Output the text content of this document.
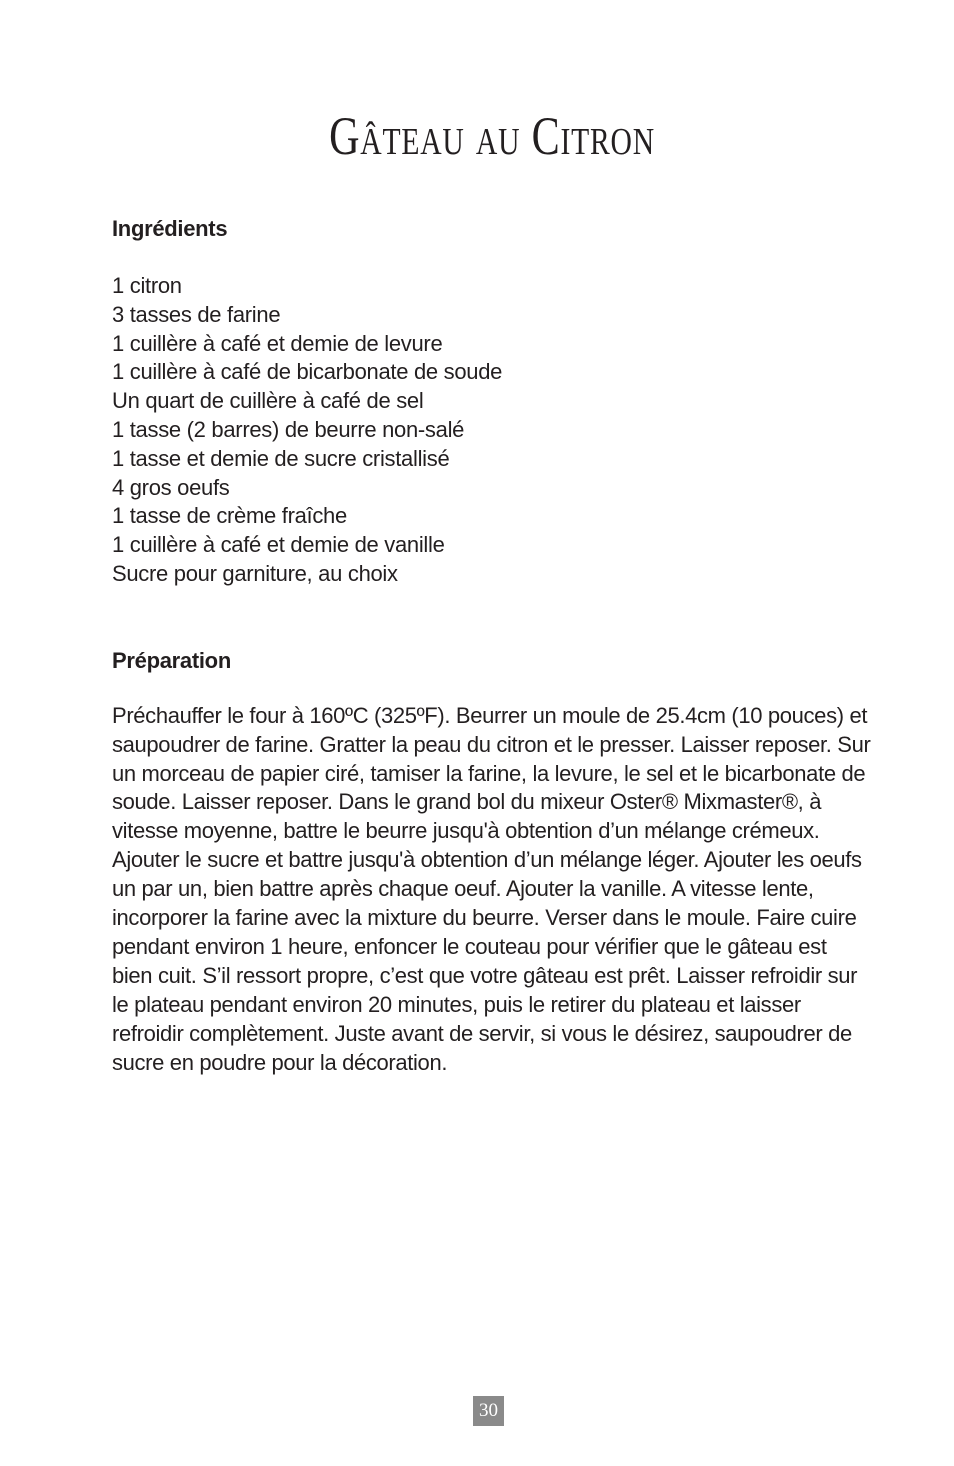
Gâteau au Citron
Ingrédients
1 citron
3 tasses de farine
1 cuillère à café et demie de levure
1 cuillère à café de bicarbonate de soude
Un quart de cuillère à café de sel
1 tasse (2 barres) de beurre non-salé
1 tasse et demie de sucre cristallisé
4 gros oeufs
1 tasse de crème fraîche
1 cuillère à café et demie de vanille
Sucre pour garniture, au choix
Préparation

Préchauffer le four à 160ºC (325ºF). Beurrer un moule de 25.4cm (10 pouces) et saupoudrer de farine. Gratter la peau du citron et le presser. Laisser reposer. Sur un morceau de papier ciré, tamiser la farine, la levure, le sel et le bicarbonate de soude. Laisser reposer. Dans le grand bol du mixeur Oster® Mixmaster®, à vitesse moyenne, battre le beurre jusqu'à obtention d’un mélange crémeux. Ajouter le sucre et battre jusqu'à obtention d’un mélange léger. Ajouter les oeufs un par un, bien battre après chaque oeuf. Ajouter la vanille. A vitesse lente, incorporer la farine avec la mixture du beurre. Verser dans le moule. Faire cuire pendant environ 1 heure, enfoncer le couteau pour vérifier que le gâteau est bien cuit. S’il ressort propre, c’est que votre gâteau est prêt. Laisser refroidir sur le plateau pendant environ 20 minutes, puis le retirer du plateau et laisser refroidir complètement. Juste avant de servir, si vous le désirez, saupoudrer de sucre en poudre pour la décoration.

30
